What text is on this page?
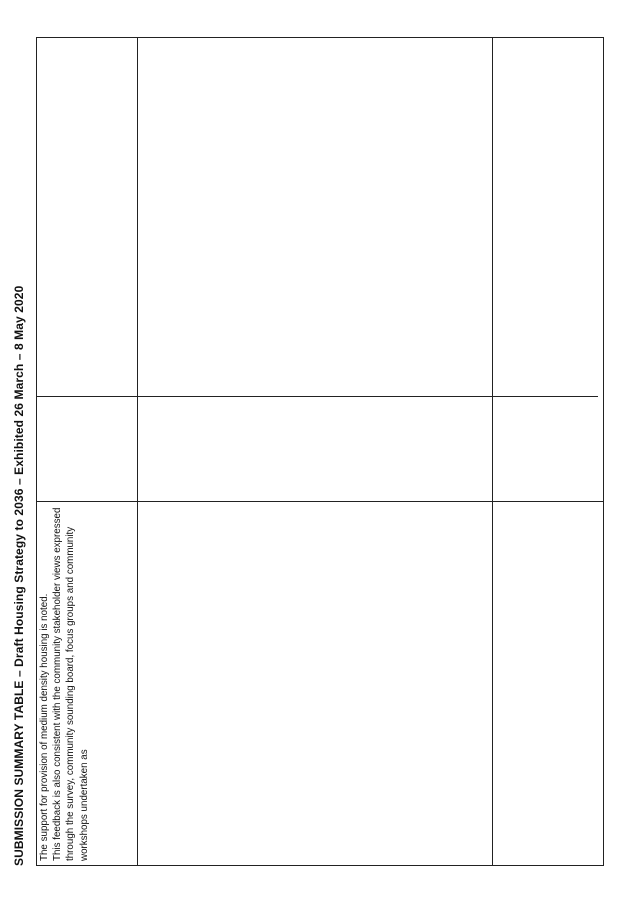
SUBMISSION SUMMARY TABLE – Draft Housing Strategy to 2036 – Exhibited 26 March – 8 May 2020 The support for provision of medium density housing is noted. This feedback is also consistent with the community stakeholder views expressed through the survey, community sounding board, focus groups and community workshops undertaken as
